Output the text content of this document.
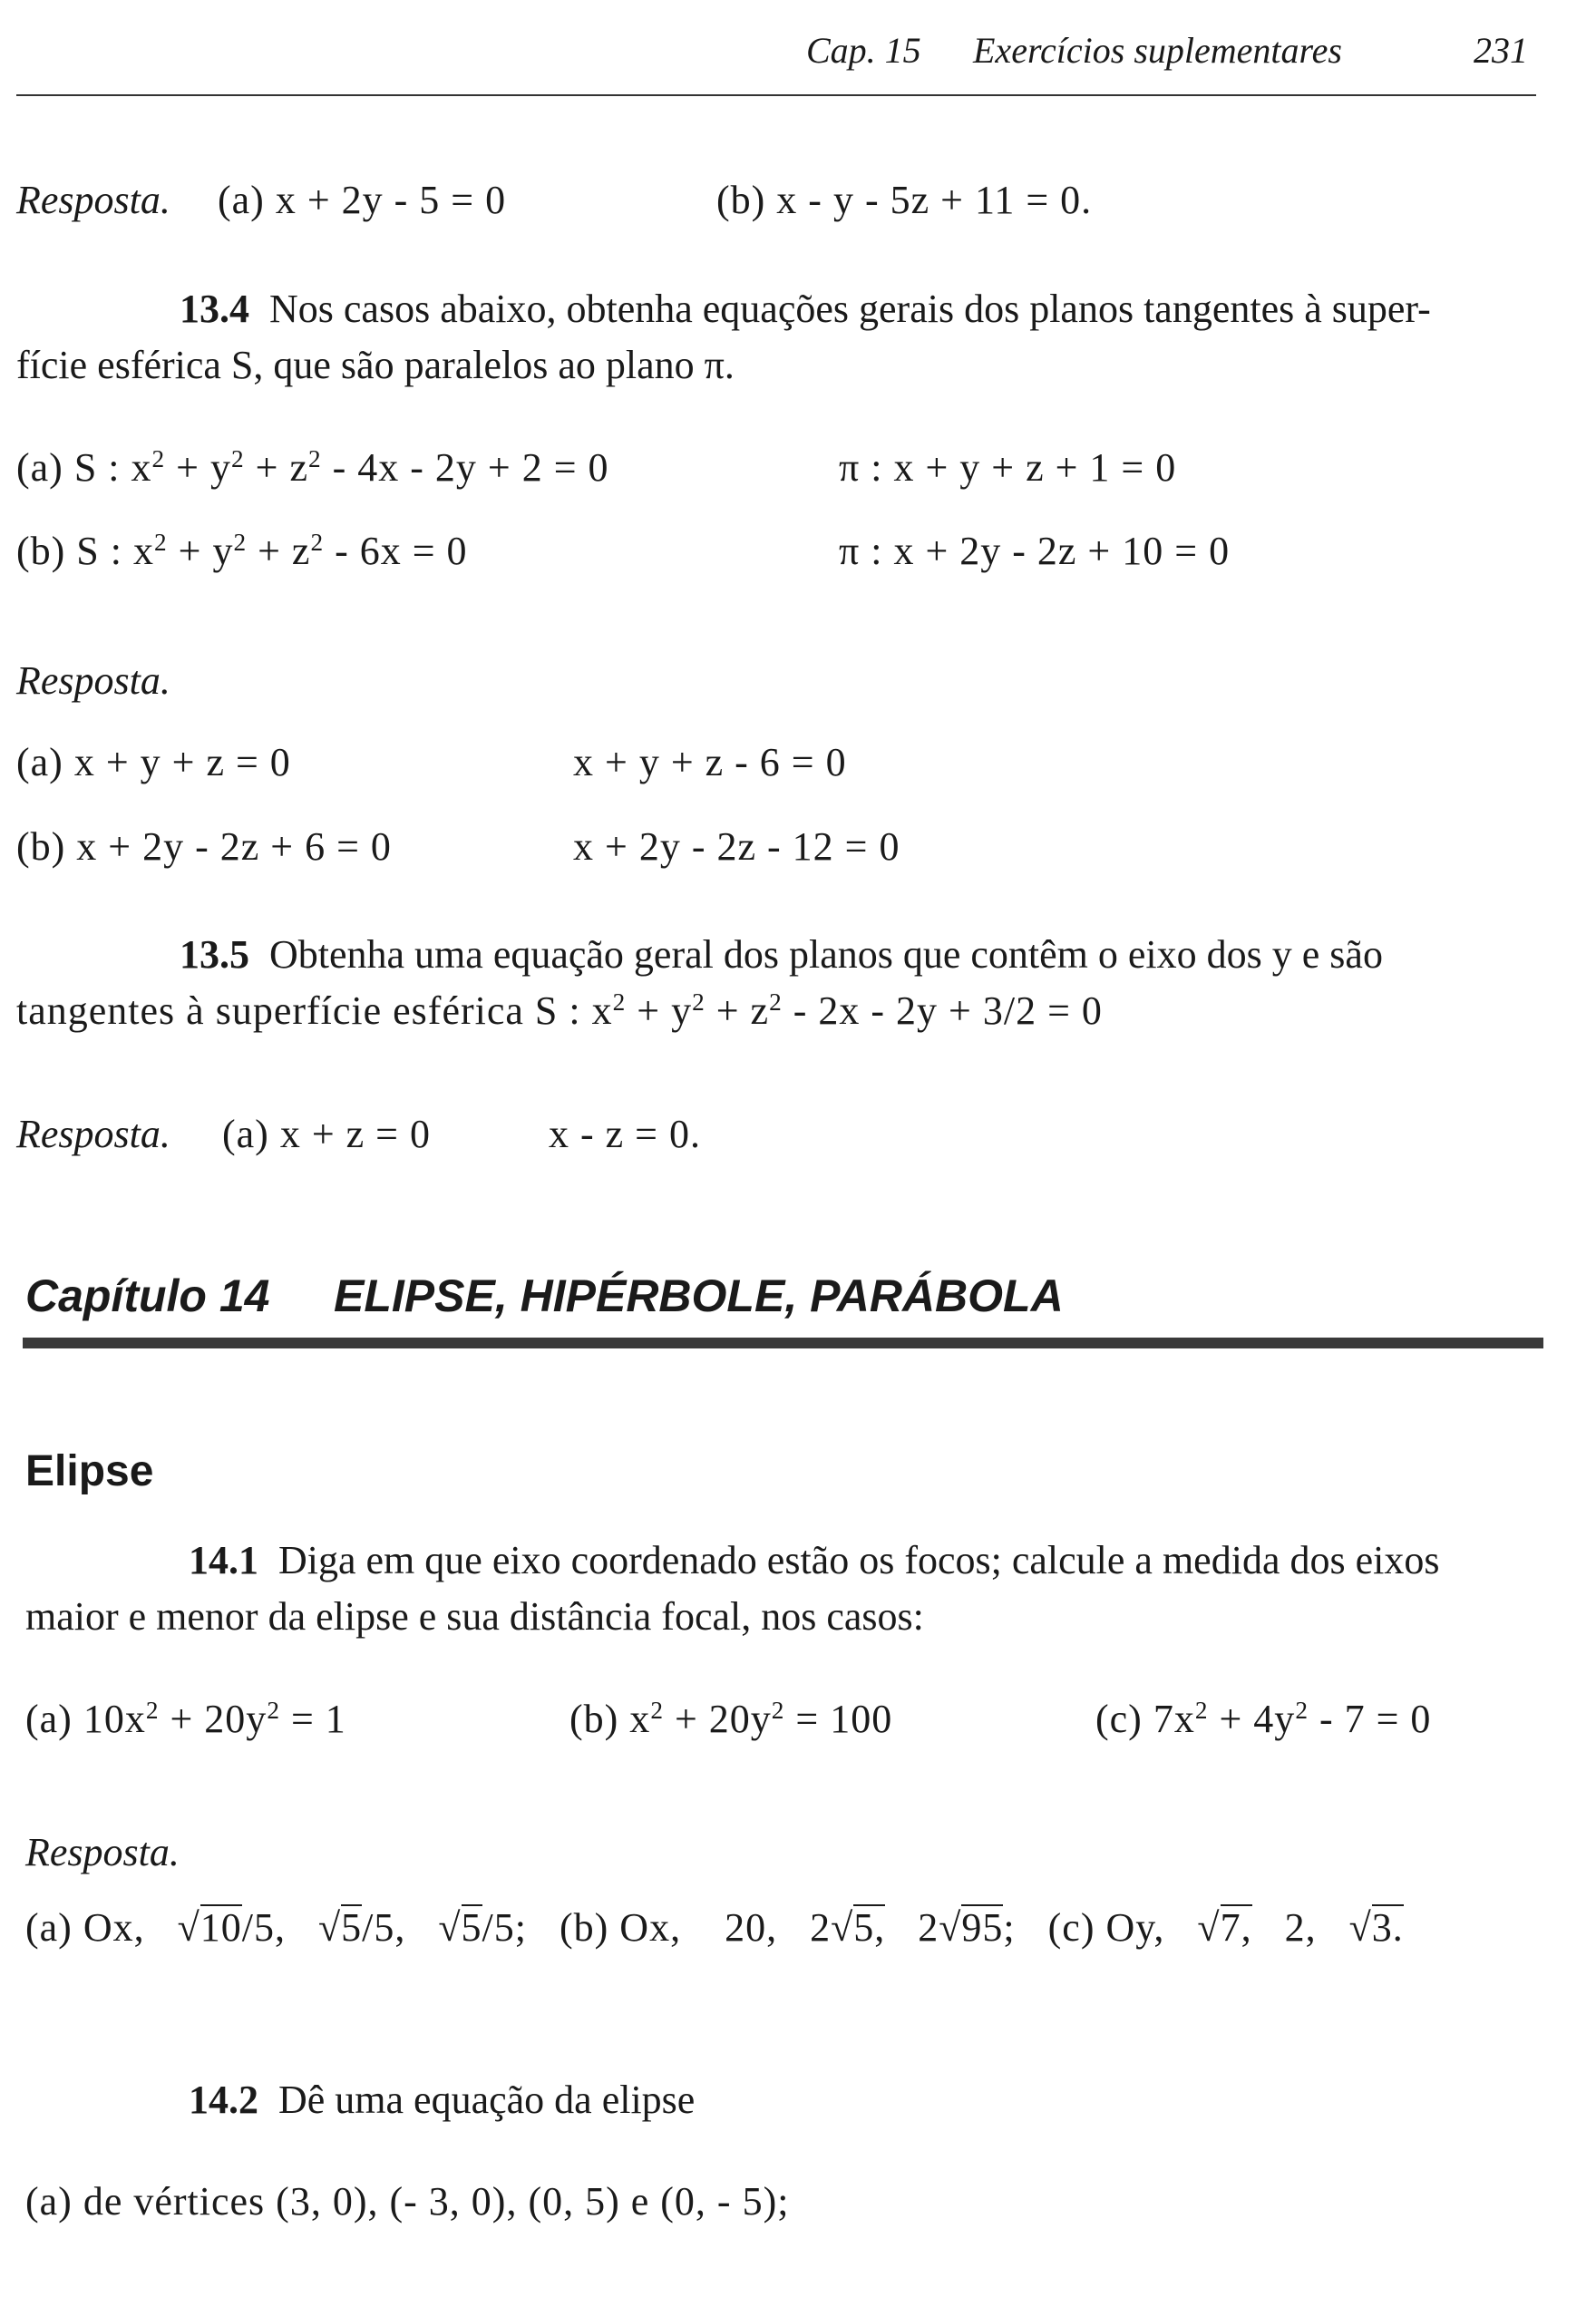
Cap. 15 Exercícios suplementares	231
Resposta. (a) x + 2y - 5 = 0	(b) x - y - 5z + 11 = 0.
13.4 Nos casos abaixo, obtenha equações gerais dos planos tangentes à super-
fície esférica S, que são paralelos ao plano π.
(a) S : $x^2 + y^2 + z^2 - 4x - 2y + 2 = 0$	π : x + y + z + 1 = 0
(b) S : $x^2 + y^2 + z^2 - 6x = 0$	π : x + 2y - 2z + 10 = 0
Resposta.
(a) x + y + z = 0	x + y + z - 6 = 0
(b) x + 2y - 2z + 6 = 0	x + 2y - 2z - 12 = 0
13.5 Obtenha uma equação geral dos planos que contêm o eixo dos y e são
tangentes à superfície esférica S : $x^2 + y^2 + z^2 - 2x - 2y + 3/2 = 0$
Resposta. (a) x + z = 0	x - z = 0.
Capítulo 14 ELIPSE, HIPÉRBOLE, PARÁBOLA
Elipse
14.1 Diga em que eixo coordenado estão os focos; calcule a medida dos eixos
maior e menor da elipse e sua distância focal, nos casos:
(a) $10x^2 + 20y^2 = 1$	(b) $x^2 + 20y^2 = 100$	(c) $7x^2 + 4y^2 - 7 = 0$
Resposta.
(a) Ox, √10/5, √5/5, √5/5; (b) Ox, 20, 2√5, 2√95; (c) Oy, √7, 2, √3.
14.2 Dê uma equação da elipse
(a) de vértices (3, 0), (- 3, 0), (0, 5) e (0, - 5);
